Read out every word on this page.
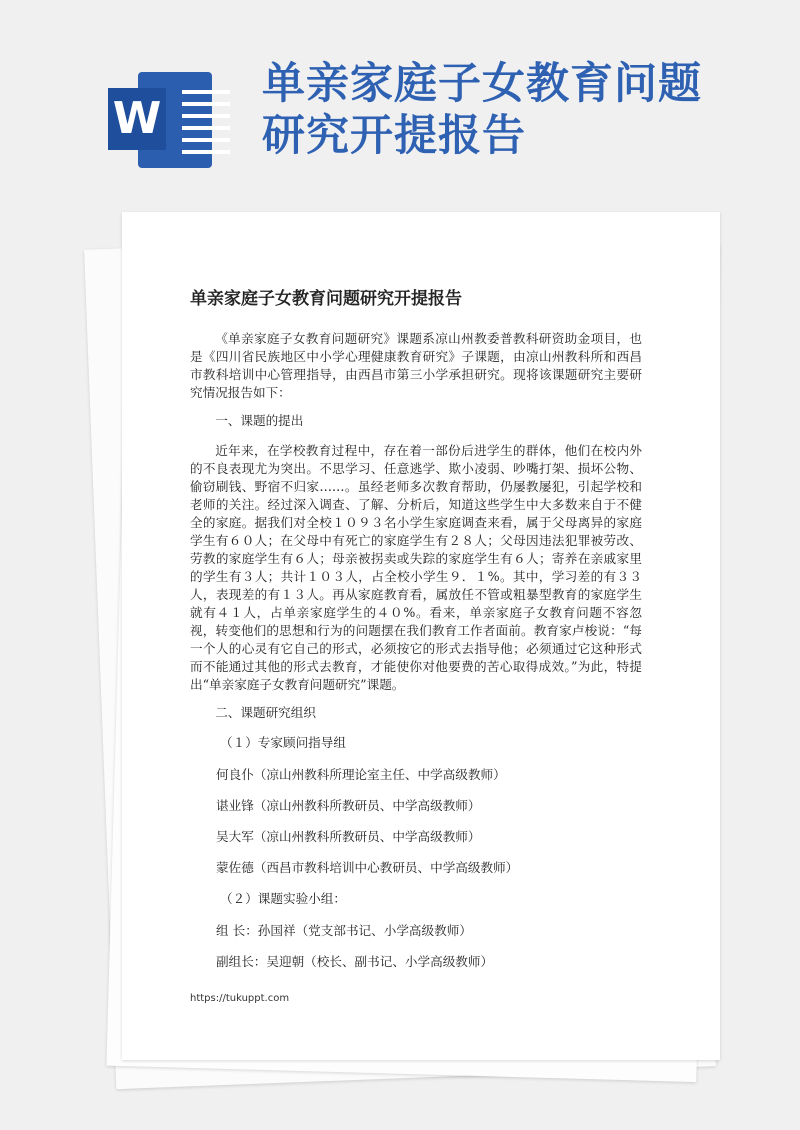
W
单亲家庭子女教育问题
研究开提报告
单亲家庭子女教育问题研究开提报告

《单亲家庭子女教育问题研究》课题系凉山州教委普教科研资助金项目，也是《四川省民族地区中小学心理健康教育研究》子课题，由凉山州教科所和西昌市教科培训中心管理指导，由西昌市第三小学承担研究。现将该课题研究主要研究情况报告如下：

一、课题的提出

近年来，在学校教育过程中，存在着一部份后进学生的群体，他们在校内外的不良表现尤为突出。不思学习、任意逃学、欺小凌弱、吵嘴打架、损坏公物、偷窃刷钱、野宿不归家……。虽经老师多次教育帮助，仍屡教屡犯，引起学校和老师的关注。经过深入调查、了解、分析后，知道这些学生中大多数来自于不健全的家庭。据我们对全校１０９３名小学生家庭调查来看，属于父母离异的家庭学生有６０人；在父母中有死亡的家庭学生有２８人；父母因违法犯罪被劳改、劳教的家庭学生有６人；母亲被拐卖或失踪的家庭学生有６人；寄养在亲戚家里的学生有３人；共计１０３人，占全校小学生９．１%。其中，学习差的有３３人，表现差的有１３人。再从家庭教育看，属放任不管或粗暴型教育的家庭学生就有４１人，占单亲家庭学生的４０%。看来，单亲家庭子女教育问题不容忽视，转变他们的思想和行为的问题摆在我们教育工作者面前。教育家卢梭说：“每一个人的心灵有它自己的形式，必须按它的形式去指导他；必须通过它这种形式而不能通过其他的形式去教育，才能使你对他要费的苦心取得成效。”为此，特提出“单亲家庭子女教育问题研究”课题。

二、课题研究组织

（１）专家顾问指导组

何良仆（凉山州教科所理论室主任、中学高级教师）

谌业锋（凉山州教科所教研员、中学高级教师）

吴大军（凉山州教科所教研员、中学高级教师）

蒙佐德（西昌市教科培训中心教研员、中学高级教师）

（２）课题实验小组：

组 长：孙国祥（党支部书记、小学高级教师）

副组长：吴迎朝（校长、副书记、小学高级教师）

https://tukuppt.com
